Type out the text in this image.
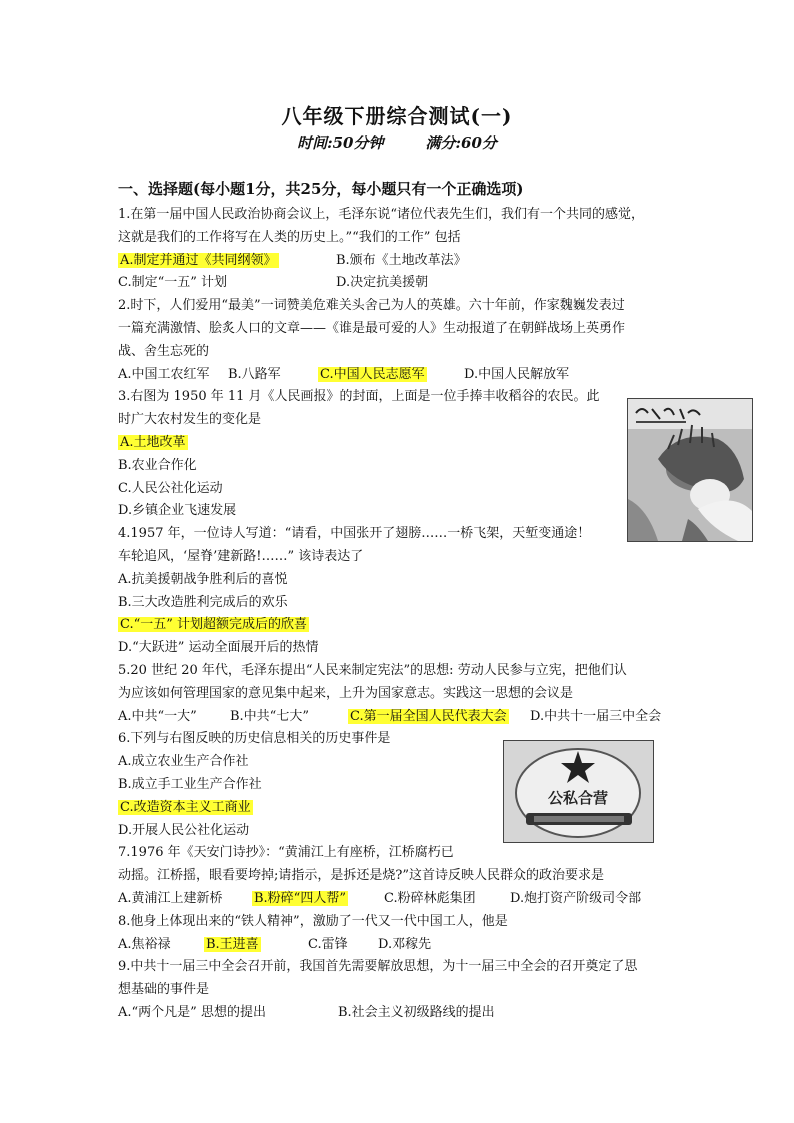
八年级下册综合测试(一)
时间:50分钟	满分:60分
一、选择题(每小题1分，共25分，每小题只有一个正确选项)
1.在第一届中国人民政治协商会议上，毛泽东说“诸位代表先生们，我们有一个共同的感觉，
这就是我们的工作将写在人类的历史上。”“我们的工作” 包括
A.制定并通过《共同纲领》	B.颁布《土地改革法》
C.制定“一五” 计划	D.决定抗美援朝
2.时下，人们爱用“最美”一词赞美危难关头舍己为人的英雄。六十年前，作家魏巍发表过
一篇充满激情、脍炙人口的文章——《谁是最可爱的人》生动报道了在朝鲜战场上英勇作
战、舍生忘死的
A.中国工农红军 B.八路军	C.中国人民志愿军	D.中国人民解放军
3.右图为 1950 年 11 月《人民画报》的封面，上面是一位手捧丰收稻谷的农民。此
时广大农村发生的变化是
A.土地改革
B.农业合作化
C.人民公社化运动
D.乡镇企业飞速发展
4.1957 年，一位诗人写道：“请看，中国张开了翅膀……一桥飞架，天堑变通途！
车轮追风，‘屋脊’建新路!……” 该诗表达了
A.抗美援朝战争胜利后的喜悦
B.三大改造胜利完成后的欢乐
C.“一五” 计划超额完成后的欣喜
D.“大跃进” 运动全面展开后的热情
5.20 世纪 20 年代，毛泽东提出“人民来制定宪法”的思想: 劳动人民参与立宪，把他们认
为应该如何管理国家的意见集中起来，上升为国家意志。实践这一思想的会议是
A.中共“一大”	B.中共“七大”	C.第一届全国人民代表大会 D.中共十一届三中全会
6.下列与右图反映的历史信息相关的历史事件是
A.成立农业生产合作社
B.成立手工业生产合作社
C.改造资本主义工商业
D.开展人民公社化运动
7.1976 年《天安门诗抄》：“黄浦江上有座桥，江桥腐朽已
动摇。江桥摇，眼看要垮掉;请指示，是拆还是烧?”这首诗反映人民群众的政治要求是
A.黄浦江上建新桥 B.粉碎“四人帮”	C.粉碎林彪集团	D.炮打资产阶级司令部
8.他身上体现出来的“铁人精神”，激励了一代又一代中国工人，他是
A.焦裕禄	B.王进喜	C.雷锋 D.邓稼先
9.中共十一届三中全会召开前，我国首先需要解放思想，为十一届三中全会的召开奠定了思
想基础的事件是
A.“两个凡是” 思想的提出	B.社会主义初级路线的提出
公私合营
